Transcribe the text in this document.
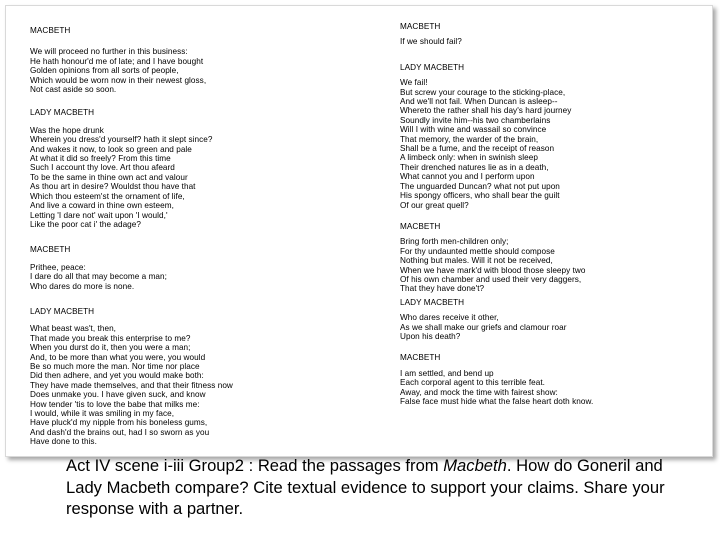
MACBETH
We will proceed no further in this business:
He hath honour'd me of late; and I have bought
Golden opinions from all sorts of people,
Which would be worn now in their newest gloss,
Not cast aside so soon.
LADY MACBETH
Was the hope drunk
Wherein you dress'd yourself? hath it slept since?
And wakes it now, to look so green and pale
At what it did so freely? From this time
Such I account thy love. Art thou afeard
To be the same in thine own act and valour
As thou art in desire? Wouldst thou have that
Which thou esteem'st the ornament of life,
And live a coward in thine own esteem,
Letting 'I dare not' wait upon 'I would,'
Like the poor cat i' the adage?
MACBETH
Prithee, peace:
I dare do all that may become a man;
Who dares do more is none.
LADY MACBETH
What beast was't, then,
That made you break this enterprise to me?
When you durst do it, then you were a man;
And, to be more than what you were, you would
Be so much more the man. Nor time nor place
Did then adhere, and yet you would make both:
They have made themselves, and that their fitness now
Does unmake you. I have given suck, and know
How tender 'tis to love the babe that milks me:
I would, while it was smiling in my face,
Have pluck'd my nipple from his boneless gums,
And dash'd the brains out, had I so sworn as you
Have done to this.
MACBETH
If we should fail?
LADY MACBETH
We fail!
But screw your courage to the sticking-place,
And we'll not fail. When Duncan is asleep--
Whereto the rather shall his day's hard journey
Soundly invite him--his two chamberlains
Will I with wine and wassail so convince
That memory, the warder of the brain,
Shall be a fume, and the receipt of reason
A limbeck only: when in swinish sleep
Their drenched natures lie as in a death,
What cannot you and I perform upon
The unguarded Duncan? what not put upon
His spongy officers, who shall bear the guilt
Of our great quell?
MACBETH
Bring forth men-children only;
For thy undaunted mettle should compose
Nothing but males. Will it not be received,
When we have mark'd with blood those sleepy two
Of his own chamber and used their very daggers,
That they have done't?
LADY MACBETH
Who dares receive it other,
As we shall make our griefs and clamour roar
Upon his death?
MACBETH
I am settled, and bend up
Each corporal agent to this terrible feat.
Away, and mock the time with fairest show:
False face must hide what the false heart doth know.
Act IV scene i-iii Group2 : Read the passages from Macbeth. How do Goneril and Lady Macbeth compare? Cite textual evidence to support your claims. Share your response with a partner.
